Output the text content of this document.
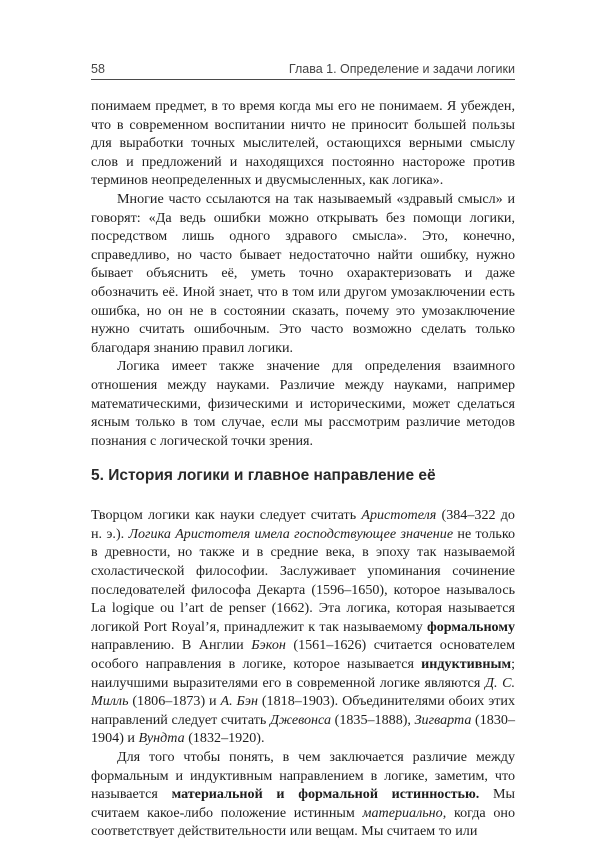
58	Глава 1. Определение и задачи логики

понимаем предмет, в то время когда мы его не понимаем. Я убежден, что в современном воспитании ничто не приносит большей пользы для выработки точных мыслителей, остающихся верными смыслу слов и предложений и находящихся постоянно настороже против терминов неопределенных и двусмысленных, как логика».

Многие часто ссылаются на так называемый «здравый смысл» и говорят: «Да ведь ошибки можно открывать без помощи логики, посредством лишь одного здравого смысла». Это, конечно, справедливо, но часто бывает недостаточно найти ошибку, нужно бывает объяснить её, уметь точно охарактеризовать и даже обозначить её. Иной знает, что в том или другом умозаключении есть ошибка, но он не в состоянии сказать, почему это умозаключение нужно считать ошибочным. Это часто возможно сделать только благодаря знанию правил логики.

Логика имеет также значение для определения взаимного отношения между науками. Различие между науками, например математическими, физическими и историческими, может сделаться ясным только в том случае, если мы рассмотрим различие методов познания с логической точки зрения.

5. История логики и главное направление её

Творцом логики как науки следует считать Аристотеля (384–322 до н. э.). Логика Аристотеля имела господствующее значение не только в древности, но также и в средние века, в эпоху так называемой схоластической философии. Заслуживает упоминания сочинение последователей философа Декарта (1596–1650), которое называлось La logique ou l’art de penser (1662). Эта логика, которая называется логикой Port Royal’я, принадлежит к так называемому формальному направлению. В Англии Бэкон (1561–1626) считается основателем особого направления в логике, которое называется индуктивным; наилучшими выразителями его в современной логике являются Д. С. Милль (1806–1873) и А. Бэн (1818–1903). Объединителями обоих этих направлений следует считать Джевонса (1835–1888), Зигварта (1830–1904) и Вундта (1832–1920).

Для того чтобы понять, в чем заключается различие между формальным и индуктивным направлением в логике, заметим, что называется материальной и формальной истинностью. Мы считаем какое-либо положение истинным материально, когда оно соответствует действительности или вещам. Мы считаем то или
